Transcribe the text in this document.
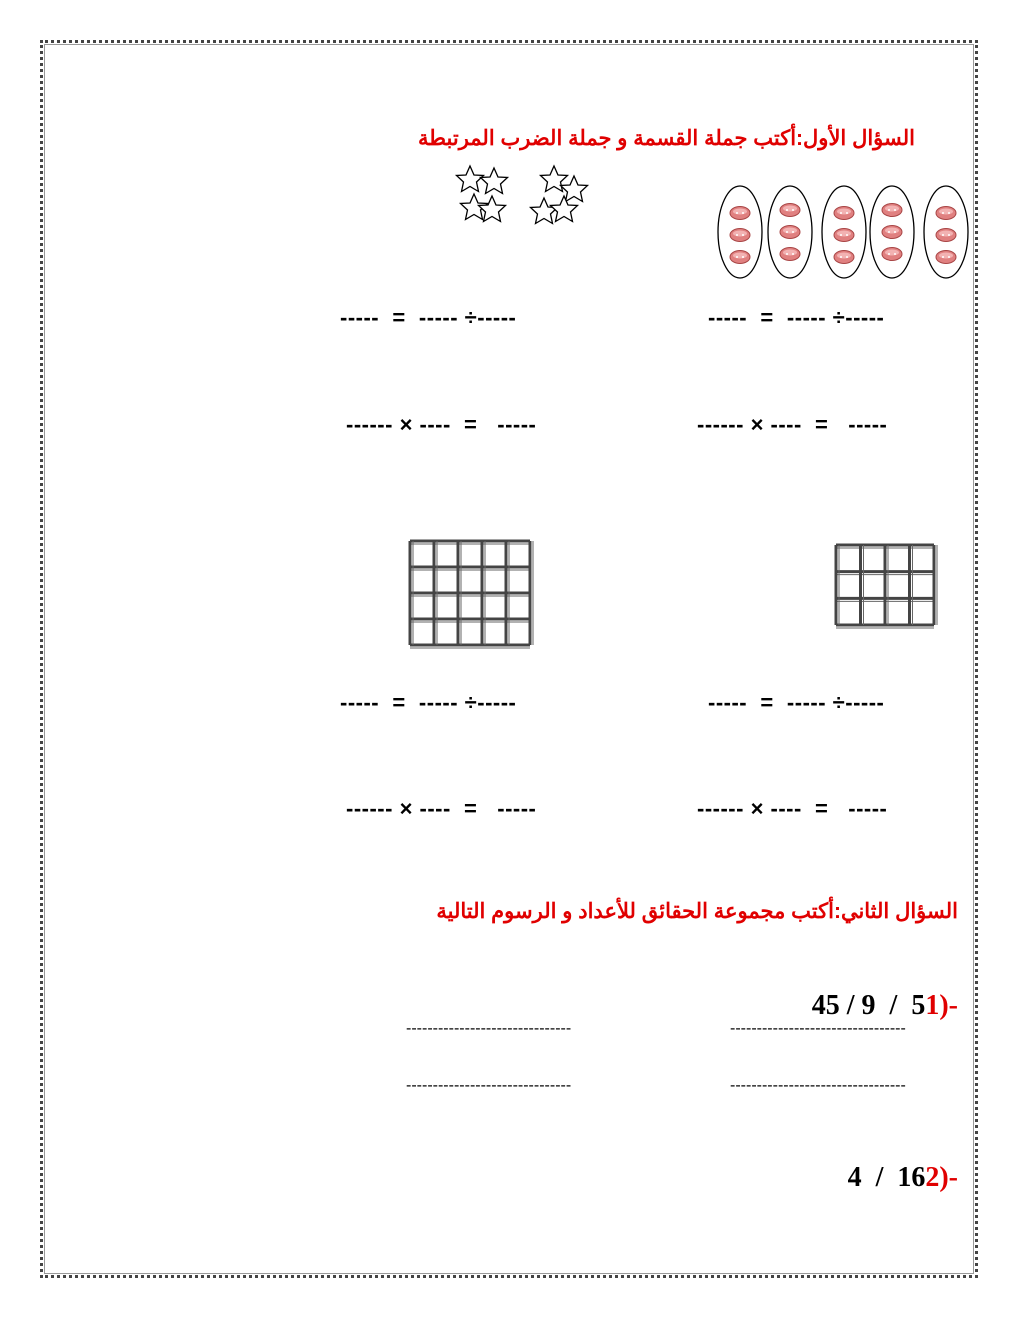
السؤال الأول:أكتب جملة القسمة و جملة الضرب المرتبطة
-----  =  ----- ÷-----
-----  =  ----- ÷-----
-----   =  ---- × ------
-----   =  ---- × ------
-----  =  ----- ÷-----
-----  =  ----- ÷-----
-----   =  ---- × ------
-----   =  ---- × ------
السؤال الثاني:أكتب مجموعة الحقائق للأعداد و الرسوم التالية

45 / 9  /  51)-

-------------------------------	---------------------------------
-------------------------------	---------------------------------

4  /  162)-
